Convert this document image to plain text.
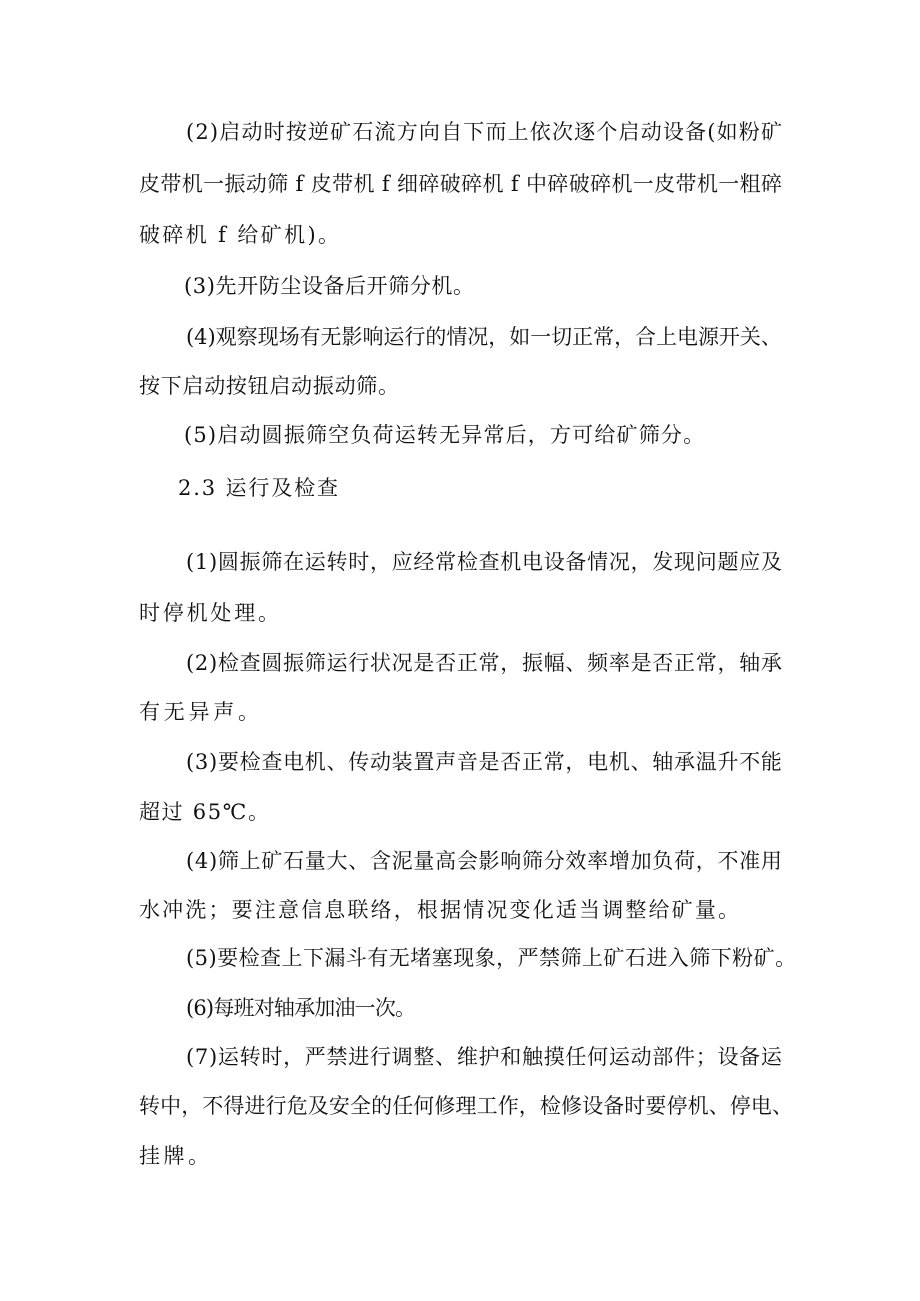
(2)启动时按逆矿石流方向自下而上依次逐个启动设备(如粉矿
皮带机一振动筛 f 皮带机 f 细碎破碎机 f 中碎破碎机一皮带机一粗碎
破碎机 f 给矿机)。
(3)先开防尘设备后开筛分机。
(4)观察现场有无影响运行的情况，如一切正常，合上电源开关、
按下启动按钮启动振动筛。
(5)启动圆振筛空负荷运转无异常后，方可给矿筛分。
2.3 运行及检查
(1)圆振筛在运转时，应经常检查机电设备情况，发现问题应及
时停机处理。
(2)检查圆振筛运行状况是否正常，振幅、频率是否正常，轴承
有无异声。
(3)要检查电机、传动装置声音是否正常，电机、轴承温升不能
超过 65℃。
(4)筛上矿石量大、含泥量高会影响筛分效率增加负荷，不准用
水冲洗；要注意信息联络，根据情况变化适当调整给矿量。
(5)要检查上下漏斗有无堵塞现象，严禁筛上矿石进入筛下粉矿。
(6)每班对轴承加油一次。
(7)运转时，严禁进行调整、维护和触摸任何运动部件；设备运
转中，不得进行危及安全的任何修理工作，检修设备时要停机、停电、
挂牌。
